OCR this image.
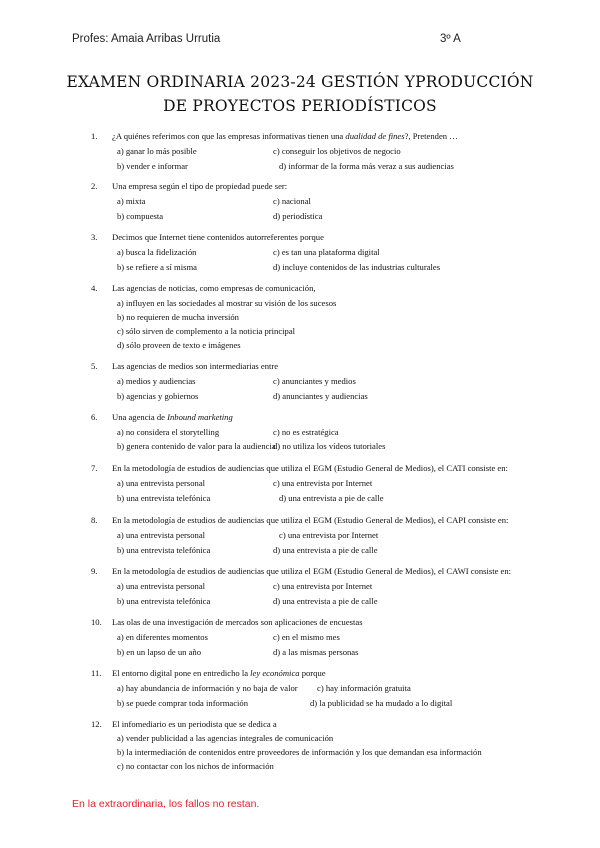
Profes: Amaia Arribas Urrutia	3º A
EXAMEN ORDINARIA 2023-24 GESTIÓN YPRODUCCIÓN
DE PROYECTOS PERIODÍSTICOS
1.	¿A quiénes referimos con que las empresas informativas tienen una dualidad de fines?, Pretenden …
a) ganar lo más posible
b) vender e informar
c) conseguir los objetivos de negocio
d) informar de la forma más veraz a sus audiencias
2.	Una empresa según el tipo de propiedad puede ser:
a) mixta
b) compuesta
c) nacional
d) periodística
3.	Decimos que Internet tiene contenidos autorreferentes porque
a) busca la fidelización
b) se refiere a sí misma
c) es tan una plataforma digital
d) incluye contenidos de las industrias culturales
4.	Las agencias de noticias, como empresas de comunicación,
a) influyen en las sociedades al mostrar su visión de los sucesos
b) no requieren de mucha inversión
c) sólo sirven de complemento a la noticia principal
d) sólo proveen de texto e imágenes
5.	Las agencias de medios son intermediarias entre
a) medios y audiencias
b) agencias y gobiernos
c) anunciantes y medios
d) anunciantes y audiencias
6.	Una agencia de Inbound marketing
a) no considera el storytelling
b) genera contenido de valor para la audiencia
c) no es estratégica
d) no utiliza los vídeos tutoriales
7.	En la metodología de estudios de audiencias que utiliza el EGM (Estudio General de Medios), el CATI consiste en:
a) una entrevista personal
b) una entrevista telefónica
c) una entrevista por Internet
d) una entrevista a pie de calle
8.	En la metodología de estudios de audiencias que utiliza el EGM (Estudio General de Medios), el CAPI consiste en:
a) una entrevista personal
b) una entrevista telefónica
c) una entrevista por Internet
d) una entrevista a pie de calle
9.	En la metodología de estudios de audiencias que utiliza el EGM (Estudio General de Medios), el CAWI consiste en:
a) una entrevista personal
b) una entrevista telefónica
c) una entrevista por Internet
d) una entrevista a pie de calle
10.	Las olas de una investigación de mercados son aplicaciones de encuestas
a) en diferentes momentos
b) en un lapso de un año
c) en el mismo mes
d) a las mismas personas
11.	El entorno digital pone en entredicho la ley económica porque
a) hay abundancia de información y no baja de valor
b) se puede comprar toda información
c) hay información gratuita
d) la publicidad se ha mudado a lo digital
12.	El infomediario es un periodista que se dedica a
a) vender publicidad a las agencias integrales de comunicación
b) la intermediación de contenidos entre proveedores de información y los que demandan esa información
c) no contactar con los nichos de información
En la extraordinaria, los fallos no restan.
